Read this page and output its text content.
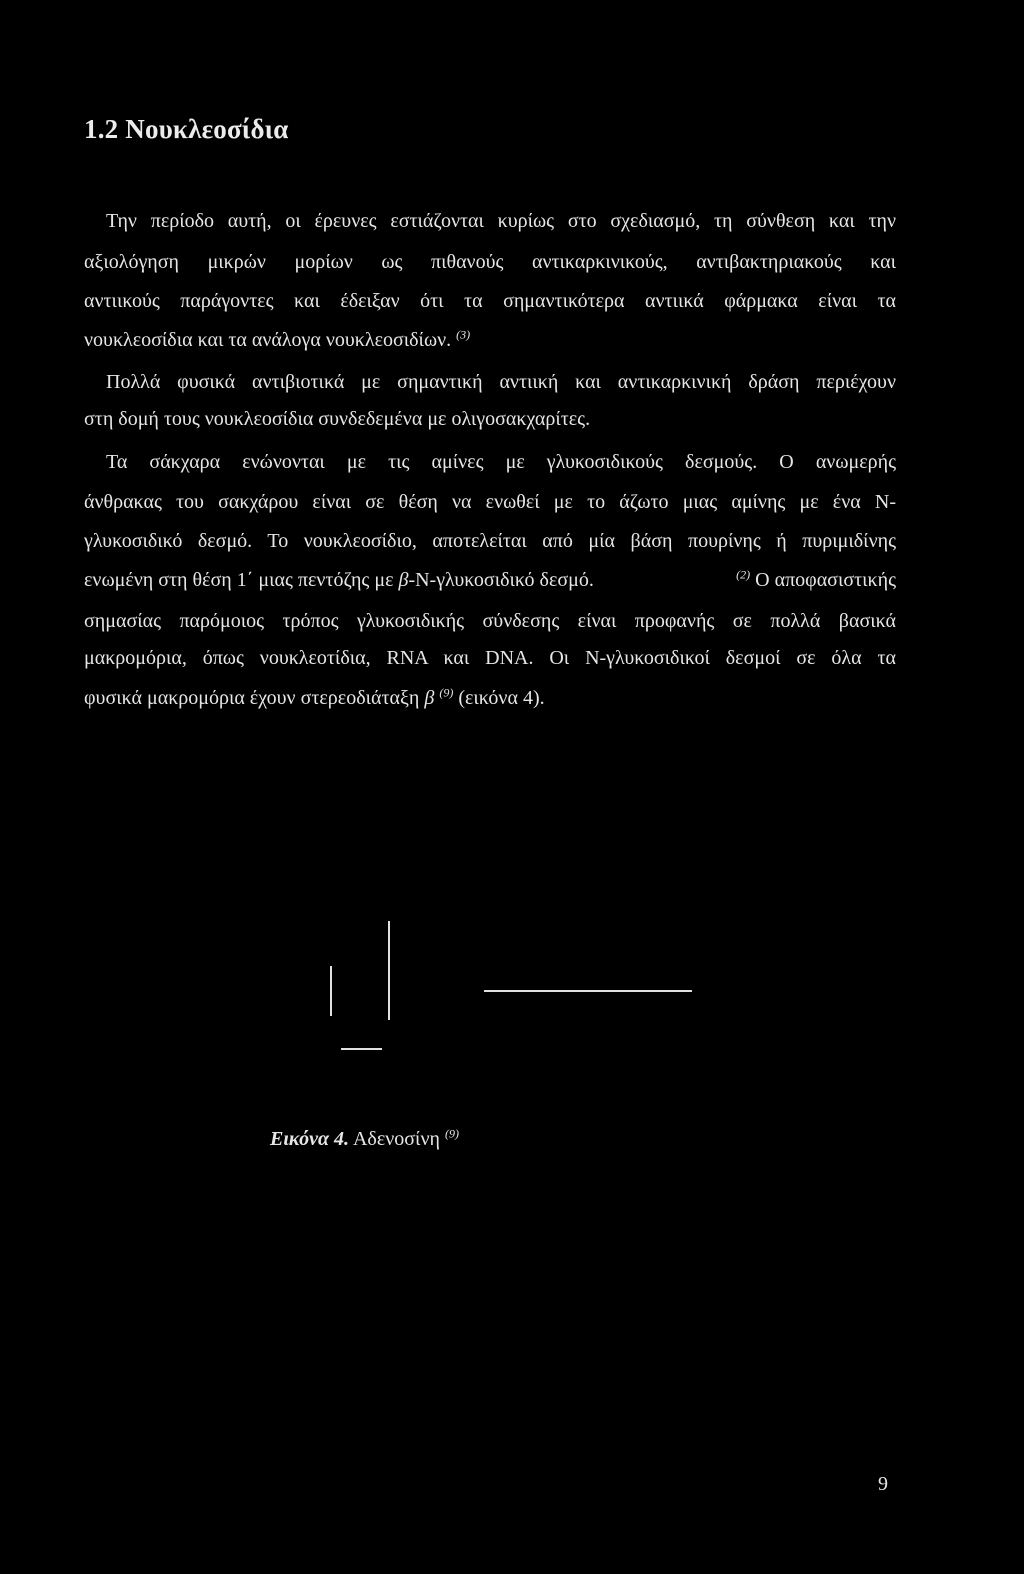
1.2 Νουκλεοσίδια
Την περίοδο αυτή, οι έρευνες εστιάζονται κυρίως στο σχεδιασμό, τη σύνθεση και την
αξιολόγηση μικρών μορίων ως πιθανούς αντικαρκινικούς, αντιβακτηριακούς και
αντιικούς παράγοντες και έδειξαν ότι τα σημαντικότερα αντιικά φάρμακα είναι τα
νουκλεοσίδια και τα ανάλογα νουκλεοσιδίων. $^{(3)}$
Πολλά φυσικά αντιβιοτικά με σημαντική αντιική και αντικαρκινική δράση περιέχουν
στη δομή τους νουκλεοσίδια συνδεδεμένα με ολιγοσακχαρίτες.
Τα σάκχαρα ενώνονται με τις αμίνες με γλυκοσιδικούς δεσμούς. Ο ανωμερής
άνθρακας του σακχάρου είναι σε θέση να ενωθεί με το άζωτο μιας αμίνης με ένα Ν-
γλυκοσιδικό δεσμό. Το νουκλεοσίδιο, αποτελείται από μία βάση πουρίνης ή πυριμιδίνης
ενωμένη στη θέση 1΄ μιας πεντόζης με β-Ν-γλυκοσιδικό δεσμό.	$^{(2)}$ Ο αποφασιστικής
σημασίας παρόμοιος τρόπος γλυκοσιδικής σύνδεσης είναι προφανής σε πολλά βασικά
μακρομόρια, όπως νουκλεοτίδια, RNA και DNA. Οι Ν-γλυκοσιδικοί δεσμοί σε όλα τα
φυσικά μακρομόρια έχουν στερεοδιάταξη β $^{(9)}$ (εικόνα 4).
Εικόνα 4. Αδενοσίνη $^{(9)}$
9
